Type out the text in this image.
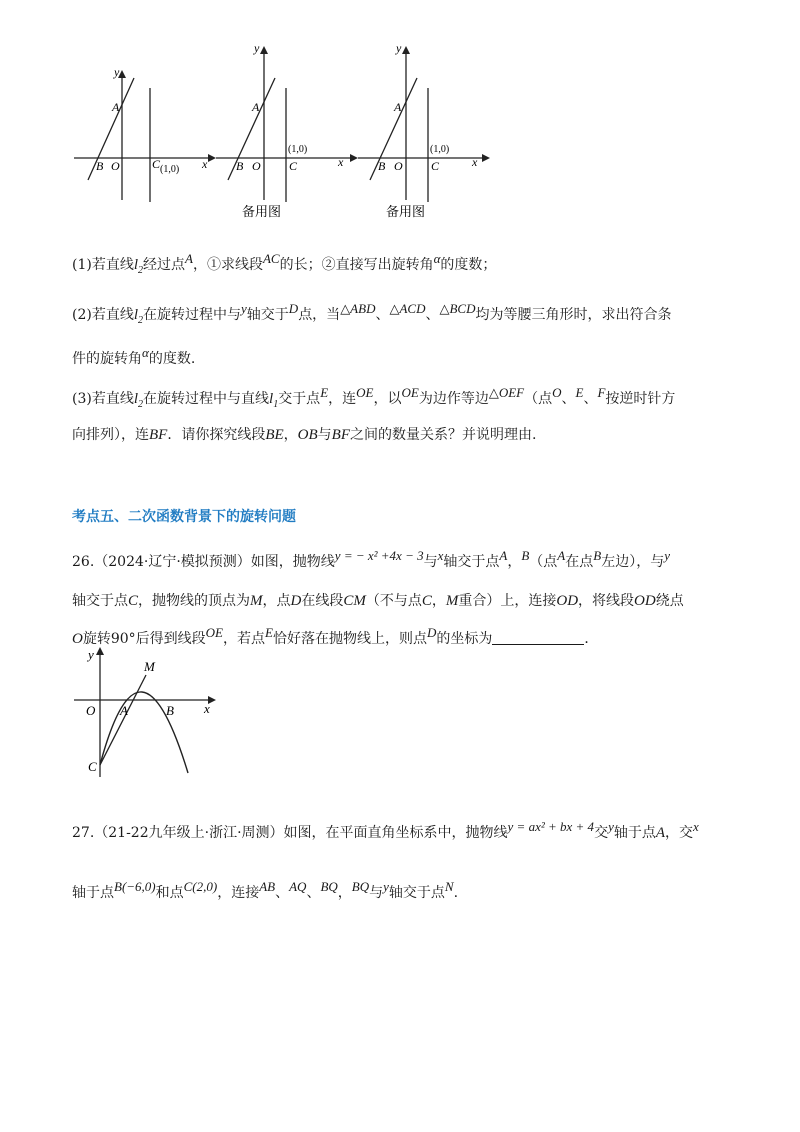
y
A
B O	C (1,0) x
y
A
B O
(1,0)
C	x
备用图
y
A
B O
(1,0)
C	x
备用图
(1)若直线$l_2$经过点A，①求线段AC的长；②直接写出旋转角α的度数；
(2)若直线$l_2$在旋转过程中与y轴交于D点，当△ABD、△ACD、△BCD均为等腰三角形时，求出符合条
件的旋转角α的度数.
(3)若直线$l_2$在旋转过程中与直线$l_1$交于点E，连OE，以OE为边作等边△OEF（点O、E、F按逆时针方
向排列），连BF．请你探究线段BE，OB与BF之间的数量关系？并说明理由.
考点五、二次函数背景下的旋转问题
26.（2024·辽宁·模拟预测）如图，抛物线y = − x² +4x − 3与x轴交于点A，B（点A在点B左边），与y
轴交于点C，抛物线的顶点为M，点D在线段CM（不与点C，M重合）上，连接OD，将线段OD绕点
O旋转90°后得到线段OE，若点E恰好落在抛物线上，则点D的坐标为	．
y
M
O A	B x
C
27.（21-22九年级上·浙江·周测）如图，在平面直角坐标系中，抛物线y = ax² + bx + 4交y轴于点A，交x
轴于点B(−6,0)和点C(2,0)，连接AB、AQ、BQ，BQ与y轴交于点N.
